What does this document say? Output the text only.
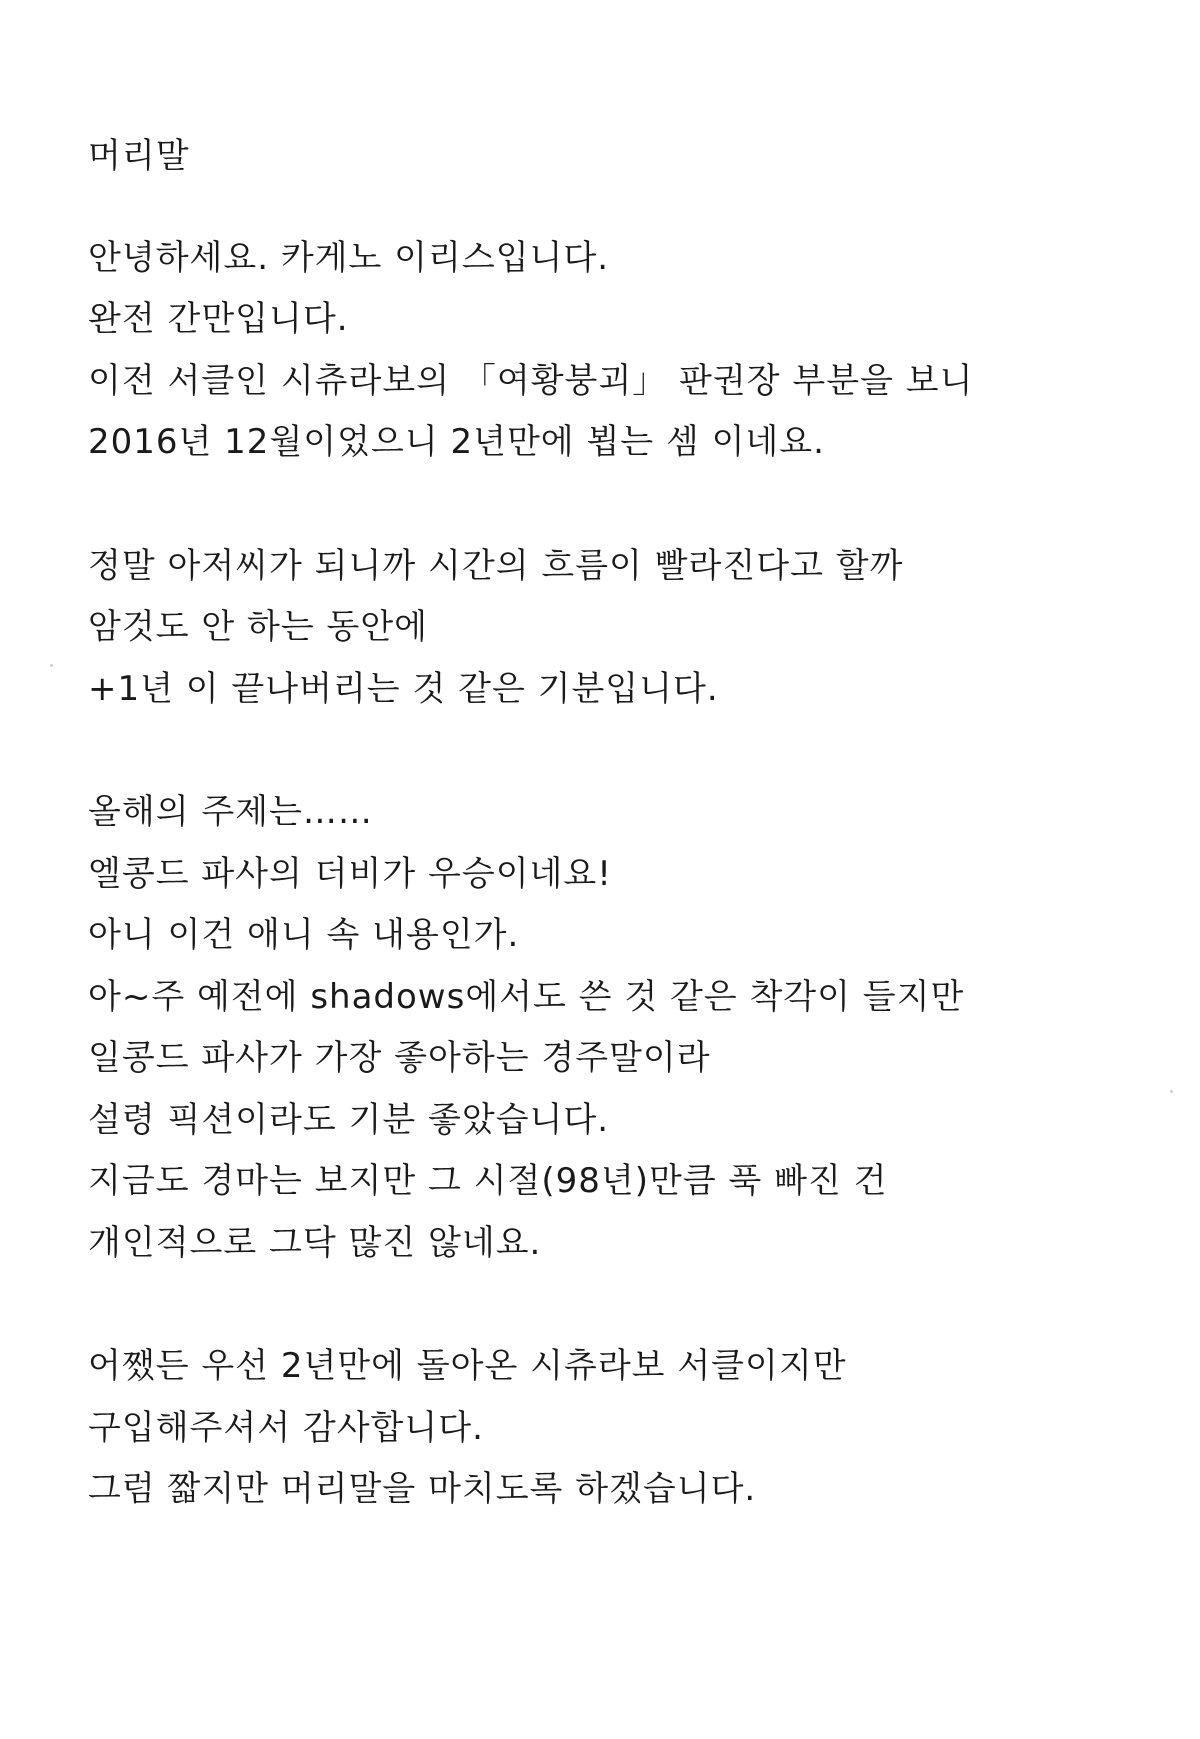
머리말
안녕하세요. 카게노 이리스입니다.
완전 간만입니다.
이전 서클인 시츄라보의 「여황붕괴」 판권장 부분을 보니
2016년 12월이었으니 2년만에 뵙는 셈 이네요.
정말 아저씨가 되니까 시간의 흐름이 빨라진다고 할까
암것도 안 하는 동안에
+1년 이 끝나버리는 것 같은 기분입니다.
올해의 주제는……
엘콩드 파사의 더비가 우승이네요!
아니 이건 애니 속 내용인가.
아~주 예전에 shadows에서도 쓴 것 같은 착각이 들지만
일콩드 파사가 가장 좋아하는 경주말이라
설령 픽션이라도 기분 좋았습니다.
지금도 경마는 보지만 그 시절(98년)만큼 푹 빠진 건
개인적으로 그닥 많진 않네요.
어쨌든 우선 2년만에 돌아온 시츄라보 서클이지만
구입해주셔서 감사합니다.
그럼 짧지만 머리말을 마치도록 하겠습니다.
